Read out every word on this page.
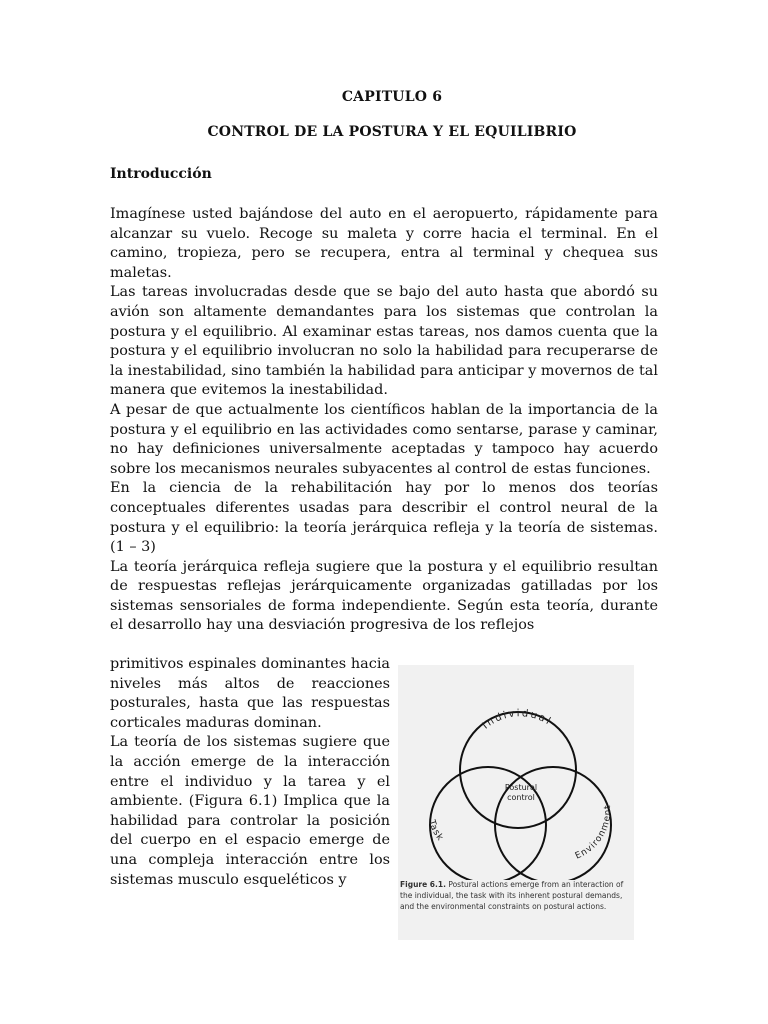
CAPITULO 6
CONTROL DE LA POSTURA Y EL EQUILIBRIO
Introducción

Imagínese usted bajándose del auto en el aeropuerto, rápidamente para alcanzar su vuelo. Recoge su maleta y corre hacia el terminal. En el camino, tropieza, pero se recupera, entra al terminal y chequea sus maletas.

Las tareas involucradas desde que se bajo del auto hasta que abordó su avión son altamente demandantes para los sistemas que controlan la postura y el equilibrio. Al examinar estas tareas, nos damos cuenta que la postura y el equilibrio involucran no solo la habilidad para recuperarse de la inestabilidad, sino también la habilidad para anticipar y movernos de tal manera que evitemos la inestabilidad.

A pesar de que actualmente los científicos hablan de la importancia de la postura y el equilibrio en las actividades como sentarse, parase y caminar, no hay definiciones universalmente aceptadas y tampoco hay acuerdo sobre los mecanismos neurales subyacentes al control de estas funciones.

En la ciencia de la rehabilitación hay por lo menos dos teorías conceptuales diferentes usadas para describir el control neural de la postura y el equilibrio: la teoría jerárquica refleja y la teoría de sistemas. (1 – 3)

La teoría jerárquica refleja sugiere que la postura y el equilibrio resultan de respuestas reflejas jerárquicamente organizadas gatilladas por los sistemas sensoriales de forma independiente. Según esta teoría, durante el desarrollo hay una desviación progresiva de los reflejos

primitivos espinales dominantes hacia niveles más altos de reacciones posturales, hasta que las respuestas corticales maduras dominan.

La teoría de los sistemas sugiere que la acción emerge de la interacción entre el individuo y la tarea y el ambiente. (Figura 6.1) Implica que la habilidad para controlar la posición del cuerpo en el espacio emerge de una compleja interacción entre los sistemas musculo esqueléticos y

Individual
Task
Environment
Postural
control
Figure 6.1. Postural actions emerge from an interaction of the individual, the task with its inherent postural demands, and the environmental constraints on postural actions.
